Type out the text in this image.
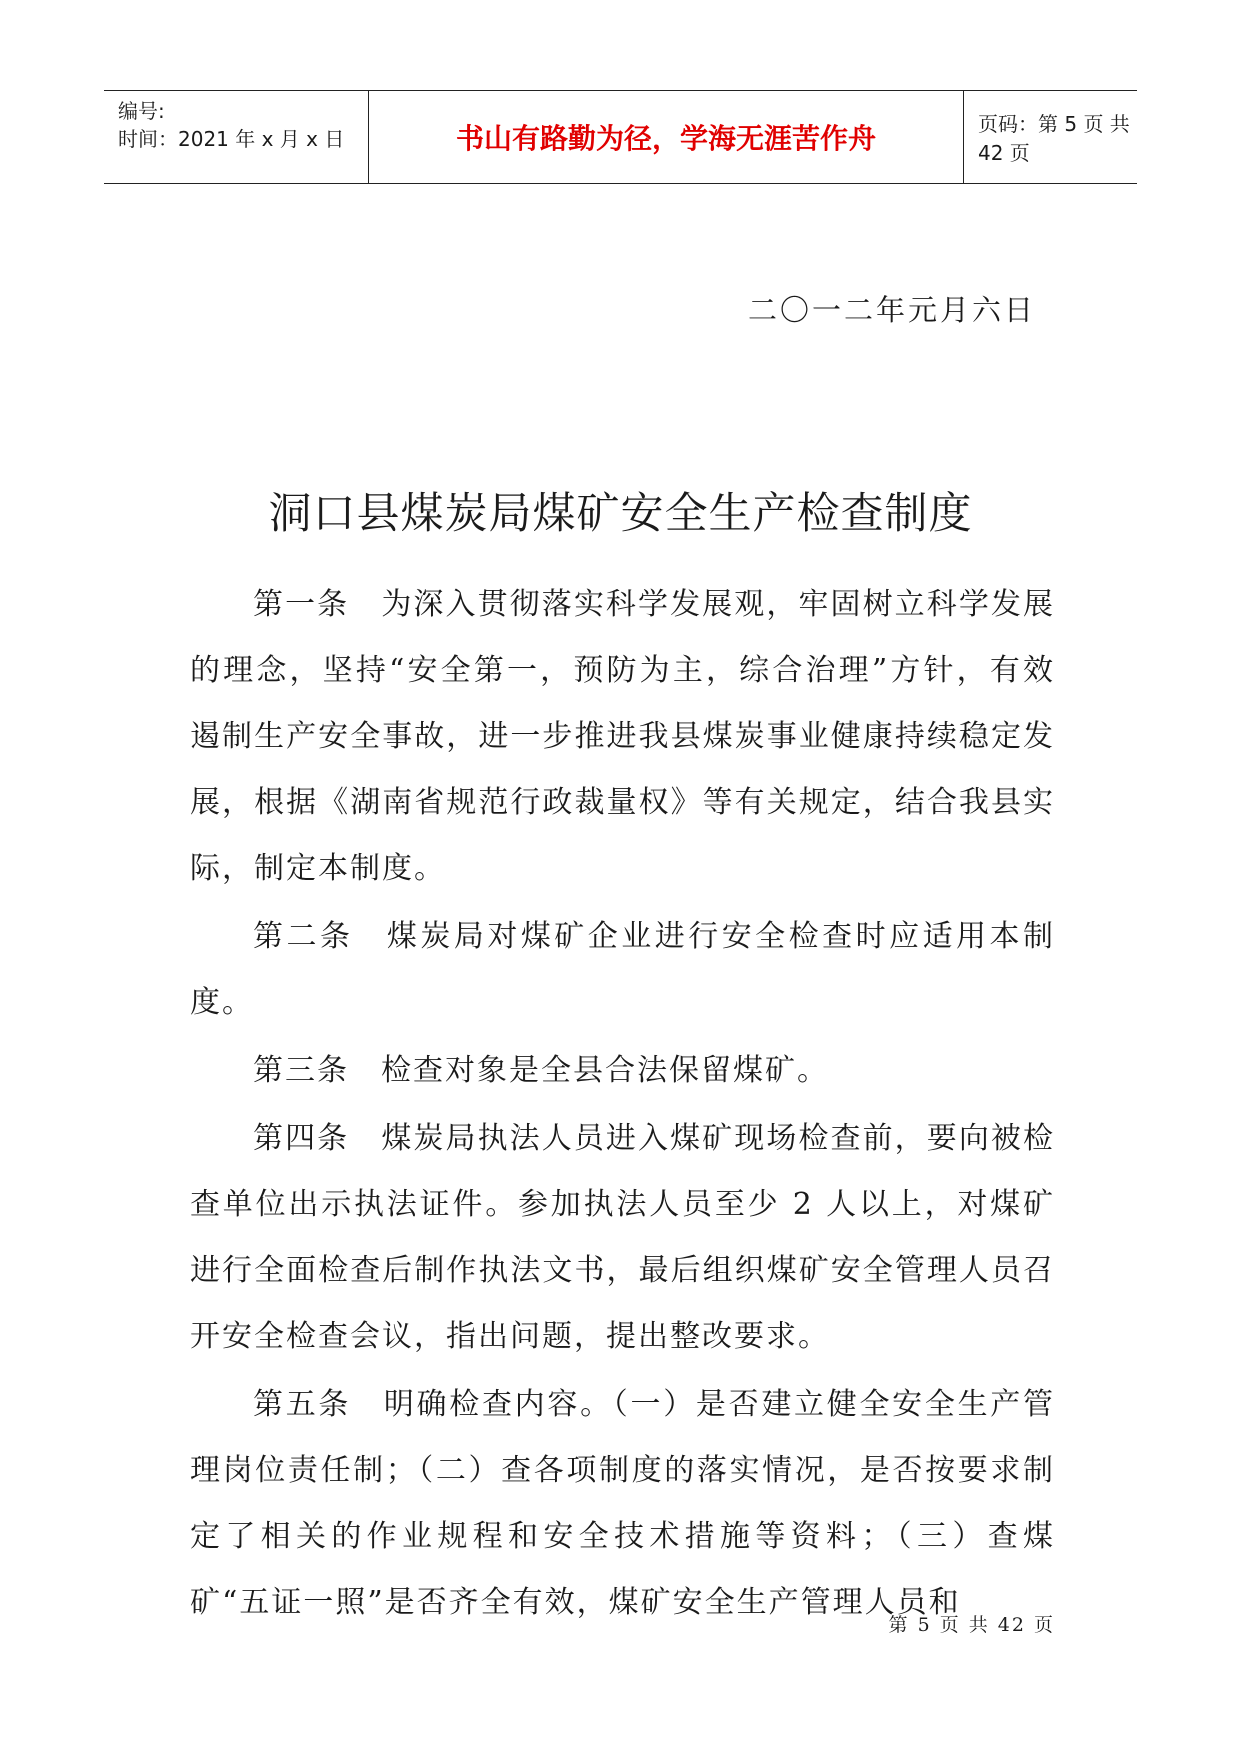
编号:
时间：2021 年 x 月 x 日	书山有路勤为径，学海无涯苦作舟	页码：第 5 页 共 42 页
二〇一二年元月六日
洞口县煤炭局煤矿安全生产检查制度

第一条　为深入贯彻落实科学发展观，牢固树立科学发展的理念，坚持“安全第一，预防为主，综合治理”方针，有效遏制生产安全事故，进一步推进我县煤炭事业健康持续稳定发展，根据《湖南省规范行政裁量权》等有关规定，结合我县实际，制定本制度。

第二条　煤炭局对煤矿企业进行安全检查时应适用本制度。

第三条　检查对象是全县合法保留煤矿。

第四条　煤炭局执法人员进入煤矿现场检查前，要向被检查单位出示执法证件。参加执法人员至少 2 人以上，对煤矿进行全面检查后制作执法文书，最后组织煤矿安全管理人员召开安全检查会议，指出问题，提出整改要求。

第五条　明确检查内容。（一）是否建立健全安全生产管理岗位责任制；（二）查各项制度的落实情况，是否按要求制定了相关的作业规程和安全技术措施等资料；（三）查煤矿“五证一照”是否齐全有效，煤矿安全生产管理人员和

第 5 页 共 42 页
